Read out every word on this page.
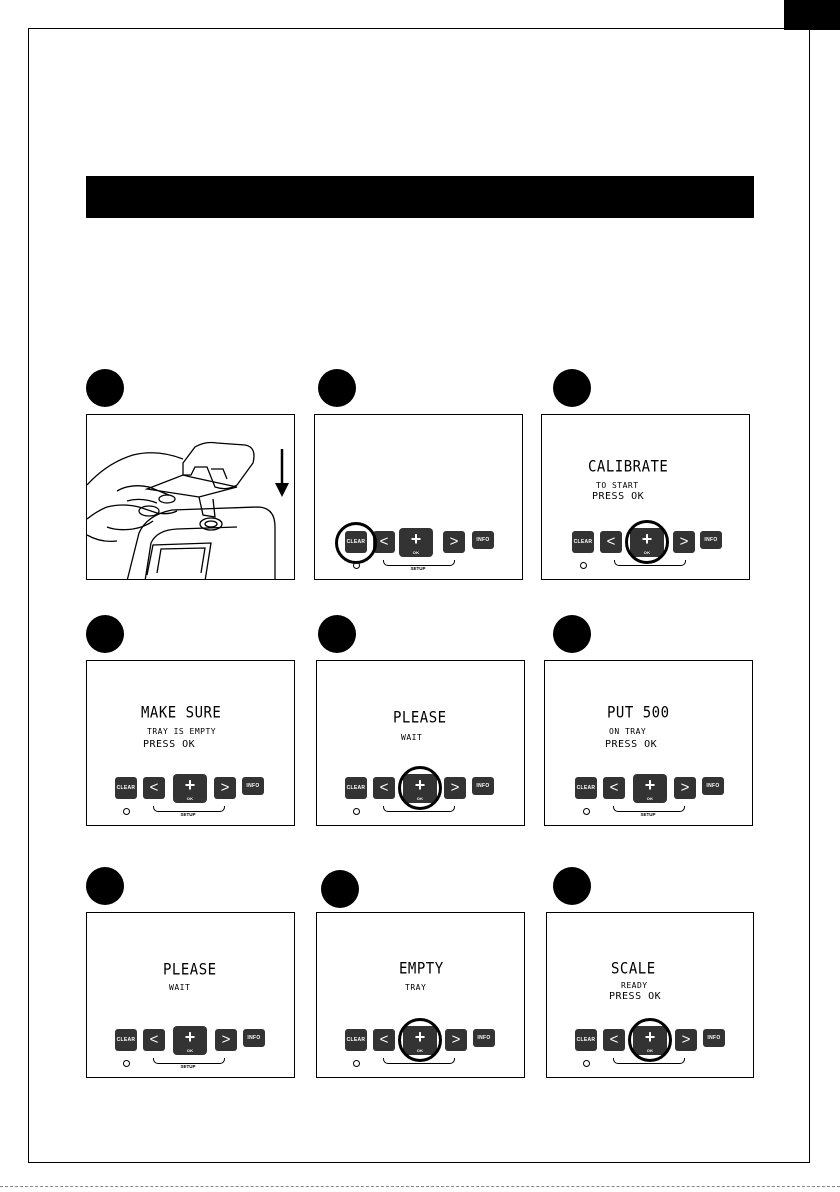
CLEAR <	+
OK
>	INFO
SETUP
CALIBRATE
TO START
PRESS OK
CLEAR <	+
OK
>	INFO
MAKE SURE
TRAY IS EMPTY
PRESS OK
CLEAR <	+
OK
>	INFO
SETUP
PLEASE
WAIT
CLEAR <	+
OK
>	INFO
PUT 500
ON TRAY
PRESS OK
CLEAR <	+
OK
>	INFO
SETUP
PLEASE
WAIT
CLEAR <	+
OK
>	INFO
SETUP
EMPTY
TRAY
CLEAR <	+
OK
>	INFO
SCALE
READY
PRESS OK
CLEAR <	+
OK
>	INFO
